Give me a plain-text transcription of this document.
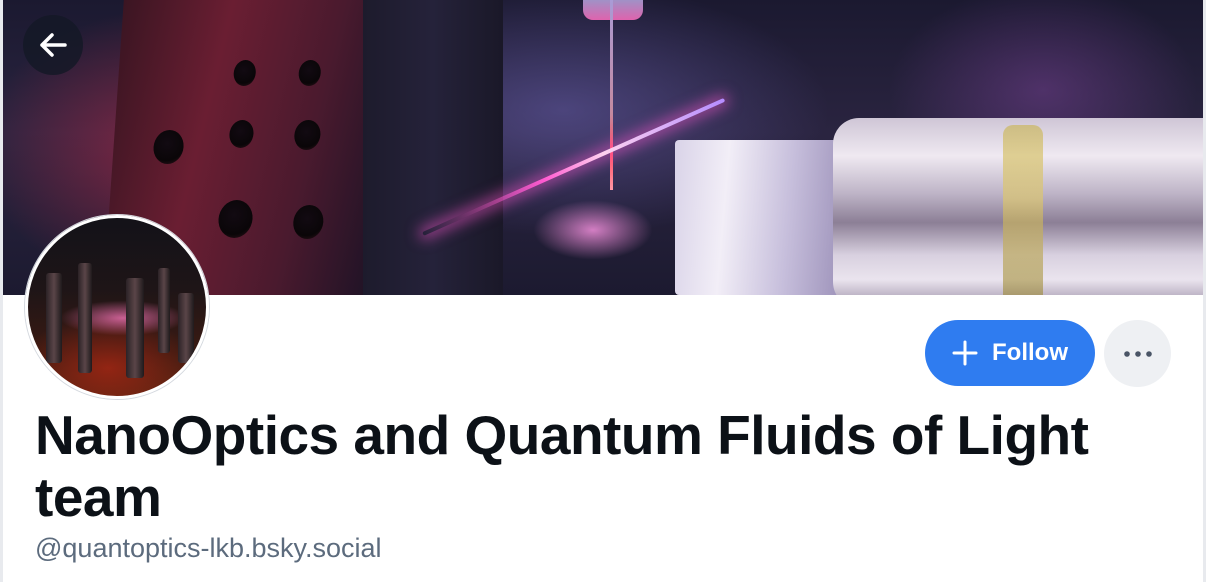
Follow
NanoOptics and Quantum Fluids of Light team

@quantoptics-lkb.bsky.social
